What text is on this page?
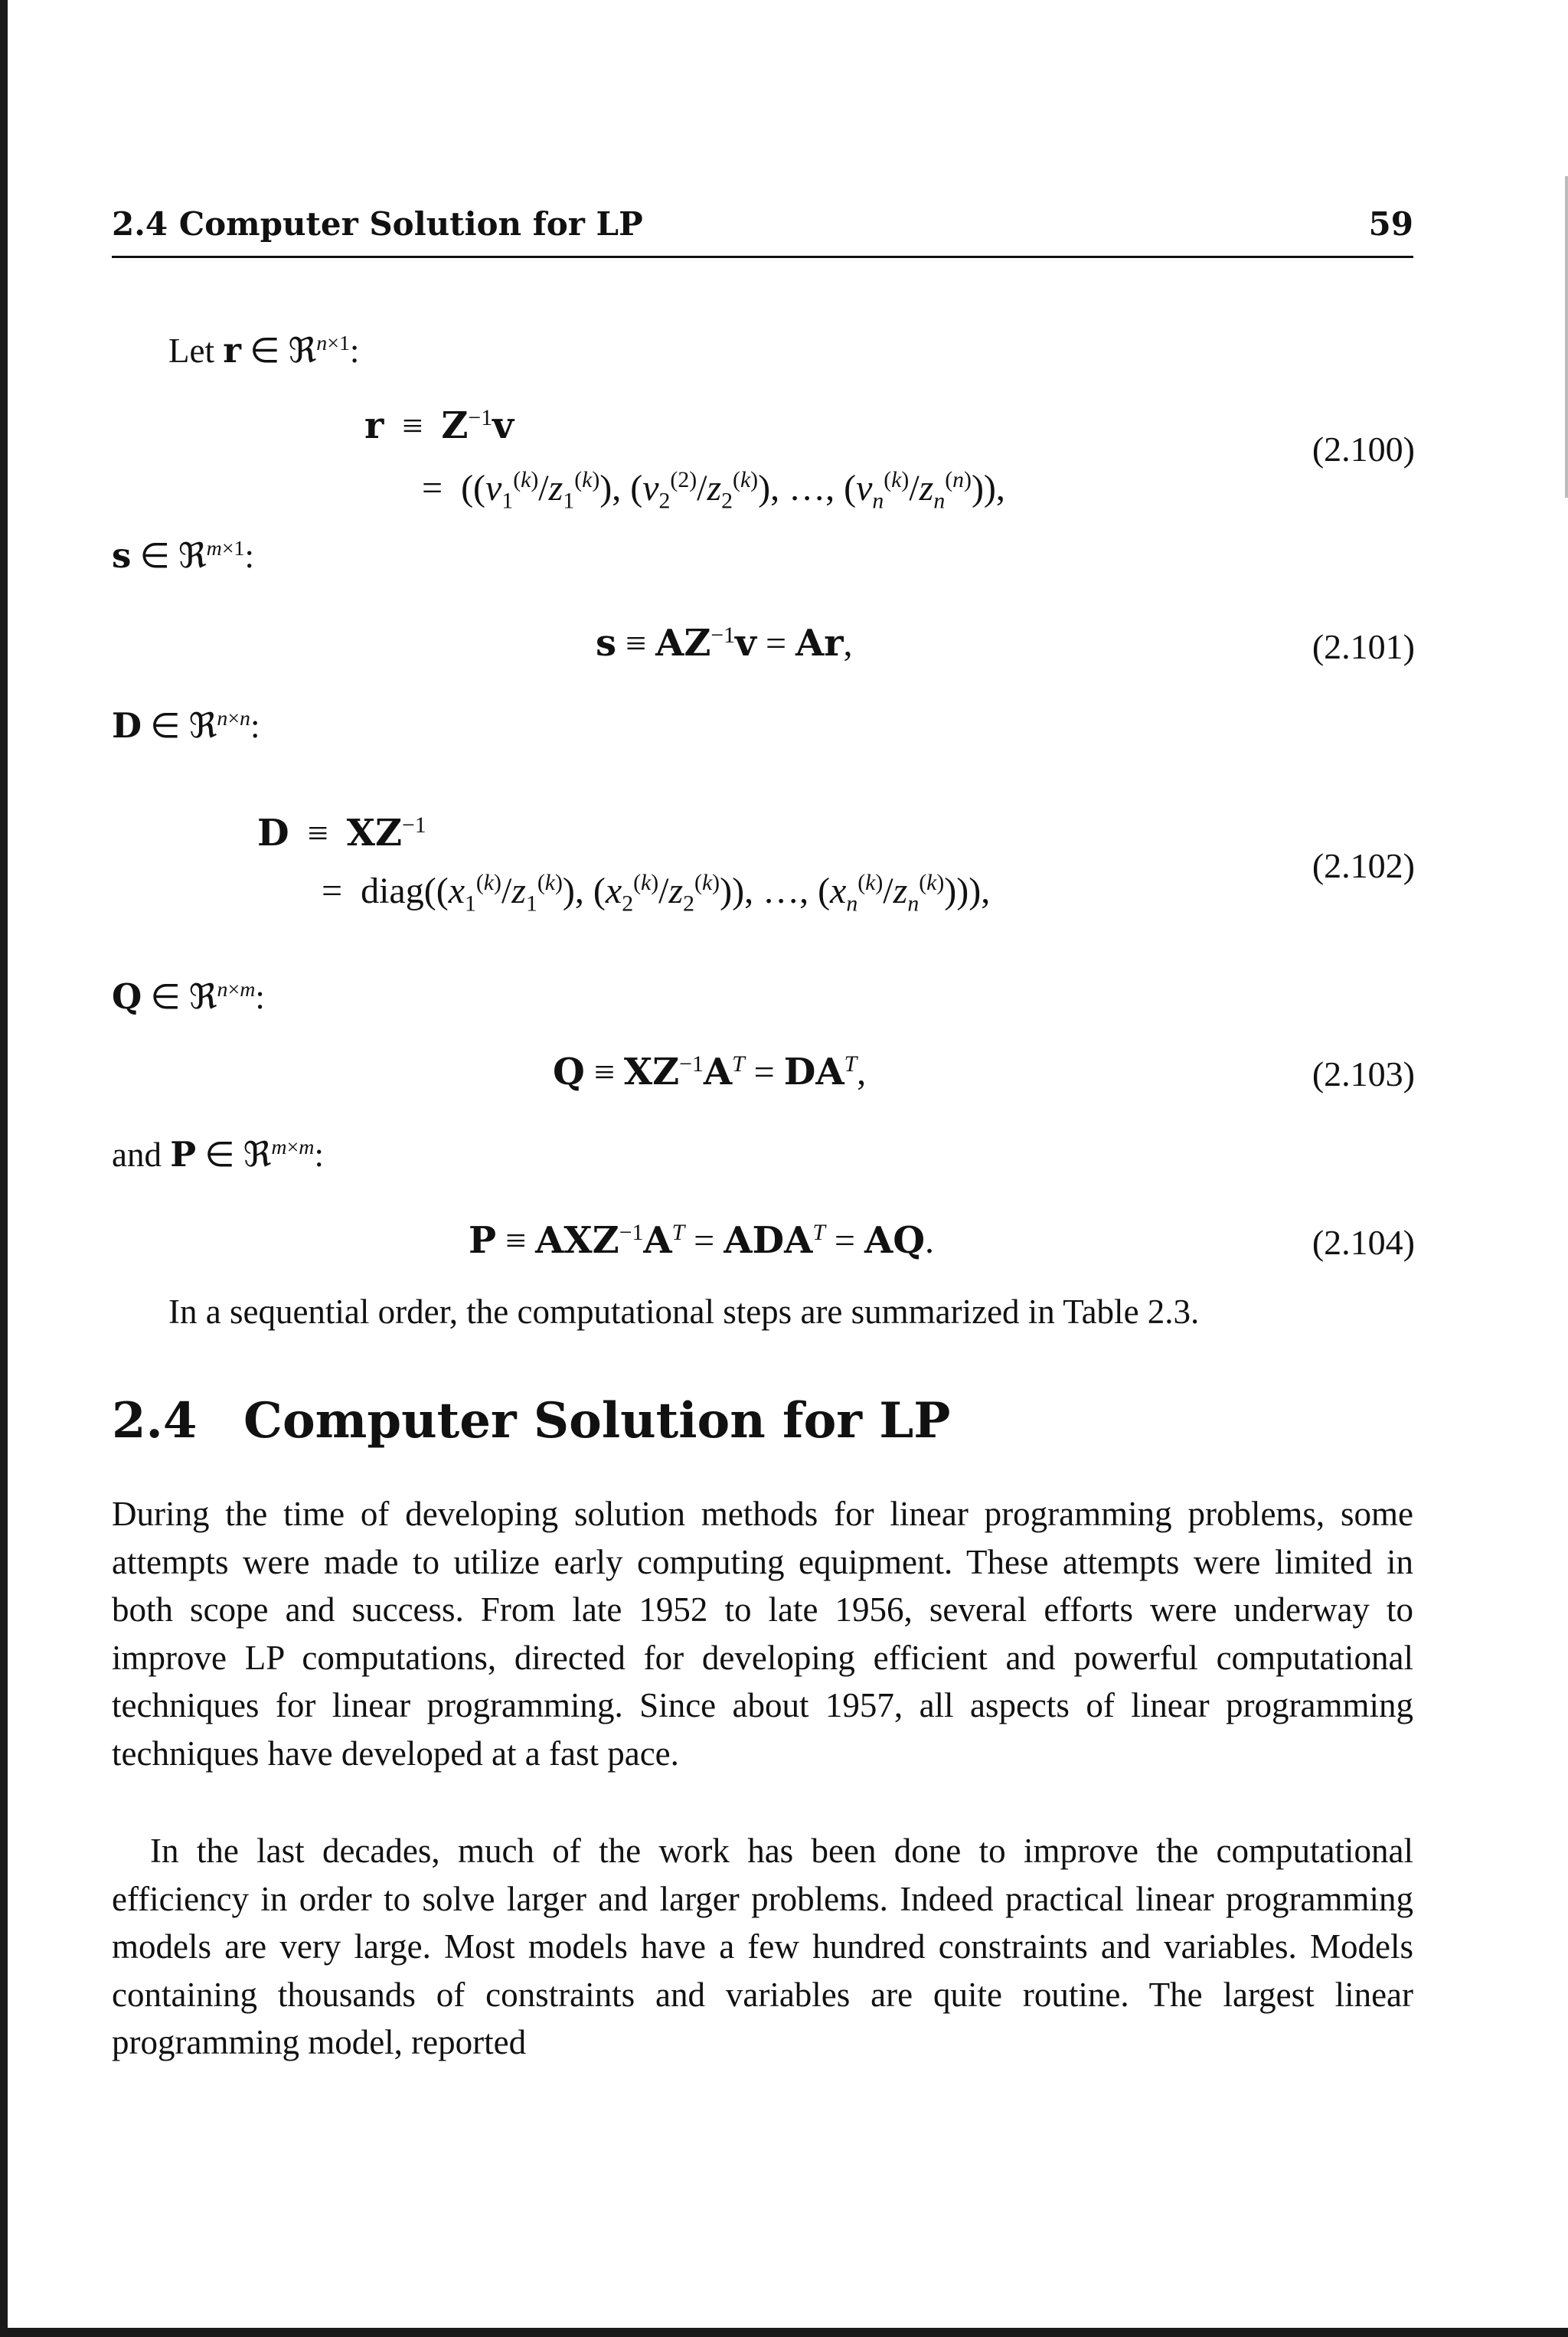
2.4 Computer Solution for LP	59
Let r ∈ ℜ$^{n\times 1}$:
$r \equiv Z^{-1}v$
=  ($(v_1^{(k)}/z_1^{(k)})$, $(v_2^{(2)}/z_2^{(k)})$, …, $(v_n^{(k)}/z_n^{(n)})$),
(2.100)
s ∈ ℜ$^{m\times 1}$:
$s \equiv AZ^{-1}v = Ar$,	(2.101)
D ∈ ℜ$^{n\times n}$:
$D \equiv XZ^{-1}$
=  $diag((x_1^{(k)}/z_1^{(k)})$, $(x_2^{(k)}/z_2^{(k)})$), …, $(x_n^{(k)}/z_n^{(k)})$)),
(2.102)
Q ∈ ℜ$^{n\times m}$:
$Q \equiv XZ^{-1}A^T = DA^T$,	(2.103)
and P ∈ ℜ$^{m\times m}$:
$P \equiv AXZ^{-1}A^T = ADA^T$ = AQ.	(2.104)
In a sequential order, the computational steps are summarized in Table 2.3.
2.4 Computer Solution for LP
During the time of developing solution methods for linear programming problems, some attempts were made to utilize early computing equipment. These attempts were limited in both scope and success. From late 1952 to late 1956, several efforts were underway to improve LP computations, directed for developing efficient and powerful computational techniques for linear programming. Since about 1957, all aspects of linear programming techniques have developed at a fast pace.
In the last decades, much of the work has been done to improve the computational efficiency in order to solve larger and larger problems. Indeed practical linear programming models are very large. Most models have a few hundred constraints and variables. Models containing thousands of constraints and variables are quite routine. The largest linear programming model, reported
